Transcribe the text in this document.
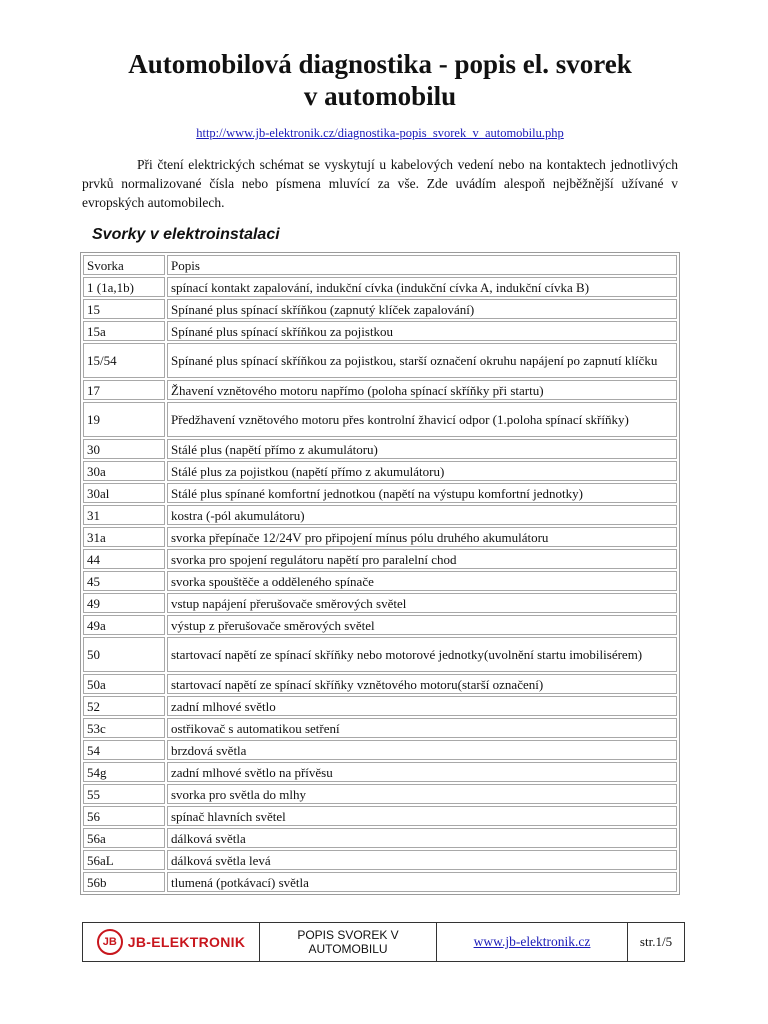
Automobilová diagnostika - popis el. svorek
v automobilu
http://www.jb-elektronik.cz/diagnostika-popis_svorek_v_automobilu.php

Při čtení elektrických schémat se vyskytují u kabelových vedení nebo na kontaktech jednotlivých prvků normalizované čísla nebo písmena mluvící za vše. Zde uvádím alespoň nejběžnější užívané v evropských automobilech.

Svorky v elektroinstalaci
Svorka	Popis
1 (1a,1b)	spínací kontakt zapalování, indukční cívka (indukční cívka A, indukční cívka B)
15	Spínané plus spínací skříňkou (zapnutý klíček zapalování)
15a	Spínané plus spínací skříňkou za pojistkou
15/54	Spínané plus spínací skříňkou za pojistkou, starší označení okruhu napájení po zapnutí klíčku
17	Žhavení vznětového motoru napřímo (poloha spínací skříňky při startu)
19	Předžhavení vznětového motoru přes kontrolní žhavicí odpor (1.poloha spínací skříňky)
30	Stálé plus (napětí přímo z akumulátoru)
30a	Stálé plus za pojistkou (napětí přímo z akumulátoru)
30al	Stálé plus spínané komfortní jednotkou (napětí na výstupu komfortní jednotky)
31	kostra (-pól akumulátoru)
31a	svorka přepínače 12/24V pro připojení mínus pólu druhého akumulátoru
44	svorka pro spojení regulátoru napětí pro paralelní chod
45	svorka spouštěče a odděleného spínače
49	vstup napájení přerušovače směrových světel
49a	výstup z přerušovače směrových světel
50	startovací napětí ze spínací skříňky nebo motorové jednotky(uvolnění startu imobilisérem)
50a	startovací napětí ze spínací skříňky vznětového motoru(starší označení)
52	zadní mlhové světlo
53c	ostřikovač s automatikou setření
54	brzdová světla
54g	zadní mlhové světlo na přívěsu
55	svorka pro světla do mlhy
56	spínač hlavních světel
56a	dálková světla
56aL	dálková světla levá
56b	tlumená (potkávací) světla
JB JB-ELEKTRONIK	POPIS SVOREK V
AUTOMOBILU	www.jb-elektronik.cz	str.1/5
